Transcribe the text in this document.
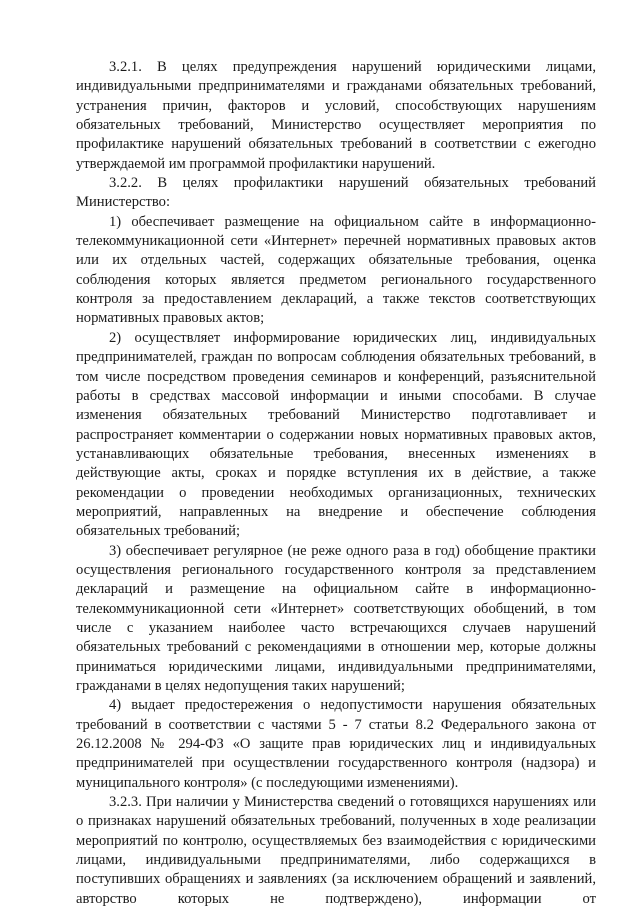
3.2.1. В целях предупреждения нарушений юридическими лицами, индивидуальными предпринимателями и гражданами обязательных требований, устранения причин, факторов и условий, способствующих нарушениям обязательных требований, Министерство осуществляет мероприятия по профилактике нарушений обязательных требований в соответствии с ежегодно утверждаемой им программой профилактики нарушений.

3.2.2. В целях профилактики нарушений обязательных требований Министерство:

1) обеспечивает размещение на официальном сайте в информационно-телекоммуникационной сети «Интернет» перечней нормативных правовых актов или их отдельных частей, содержащих обязательные требования, оценка соблюдения которых является предметом регионального государственного контроля за предоставлением деклараций, а также текстов соответствующих нормативных правовых актов;

2) осуществляет информирование юридических лиц, индивидуальных предпринимателей, граждан по вопросам соблюдения обязательных требований, в том числе посредством проведения семинаров и конференций, разъяснительной работы в средствах массовой информации и иными способами. В случае изменения обязательных требований Министерство подготавливает и распространяет комментарии о содержании новых нормативных правовых актов, устанавливающих обязательные требования, внесенных изменениях в действующие акты, сроках и порядке вступления их в действие, а также рекомендации о проведении необходимых организационных, технических мероприятий, направленных на внедрение и обеспечение соблюдения обязательных требований;

3) обеспечивает регулярное (не реже одного раза в год) обобщение практики осуществления регионального государственного контроля за представлением деклараций и размещение на официальном сайте в информационно-телекоммуникационной сети «Интернет» соответствующих обобщений, в том числе с указанием наиболее часто встречающихся случаев нарушений обязательных требований с рекомендациями в отношении мер, которые должны приниматься юридическими лицами, индивидуальными предпринимателями, гражданами в целях недопущения таких нарушений;

4) выдает предостережения о недопустимости нарушения обязательных требований в соответствии с частями 5 - 7 статьи 8.2 Федерального закона от 26.12.2008 № 294-ФЗ «О защите прав юридических лиц и индивидуальных предпринимателей при осуществлении государственного контроля (надзора) и муниципального контроля» (с последующими изменениями).

3.2.3. При наличии у Министерства сведений о готовящихся нарушениях или о признаках нарушений обязательных требований, полученных в ходе реализации мероприятий по контролю, осуществляемых без взаимодействия с юридическими лицами, индивидуальными предпринимателями, либо содержащихся в поступивших обращениях и заявлениях (за исключением обращений и заявлений, авторство которых не подтверждено), информации от
